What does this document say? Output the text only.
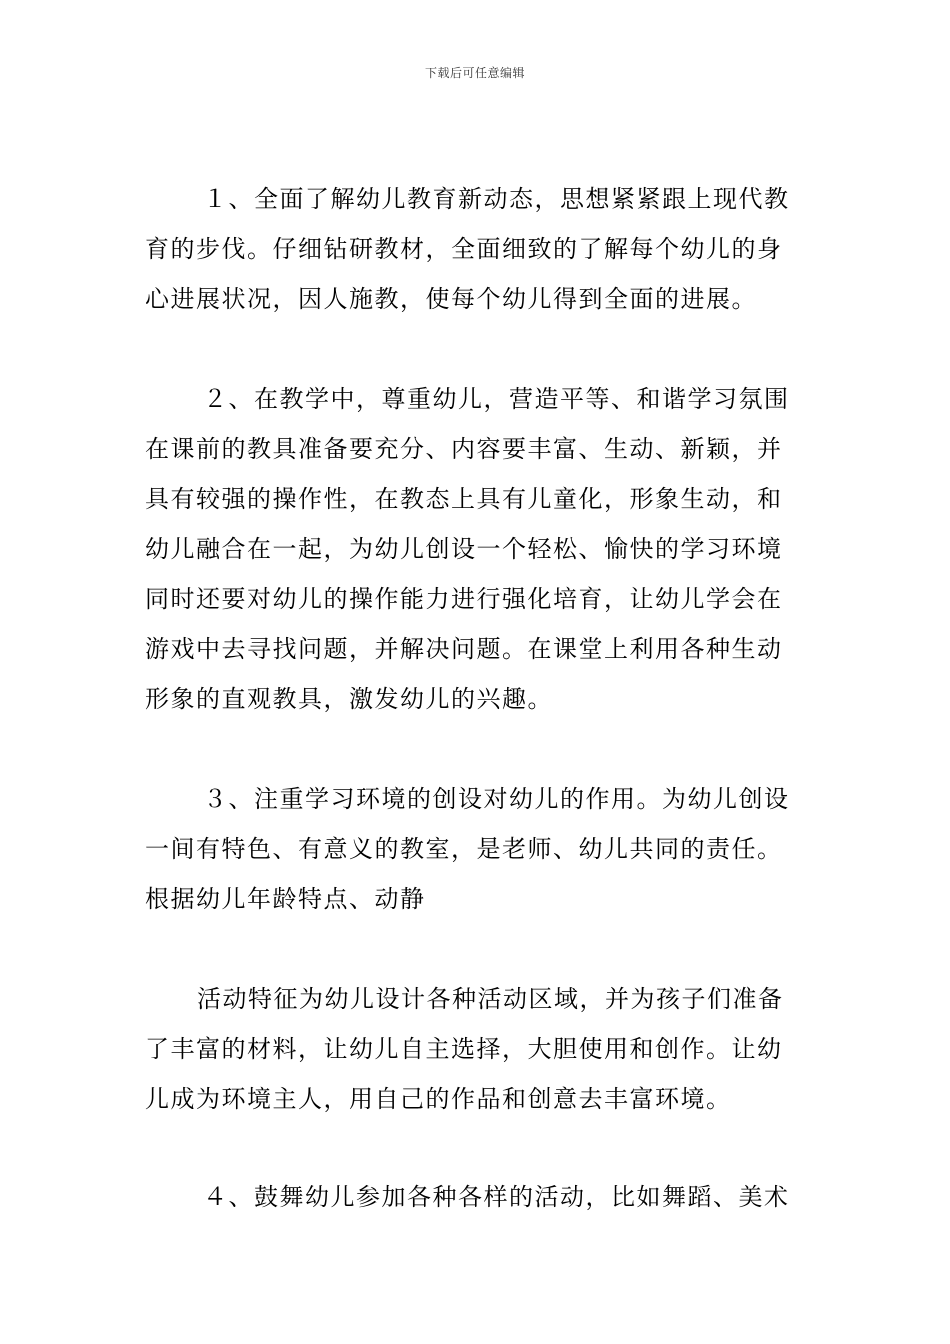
下载后可任意编辑
１、全面了解幼儿教育新动态，思想紧紧跟上现代教
育的步伐。仔细钻研教材，全面细致的了解每个幼儿的身
心进展状况，因人施教，使每个幼儿得到全面的进展。
２、在教学中，尊重幼儿，营造平等、和谐学习氛围
在课前的教具准备要充分、内容要丰富、生动、新颖，并
具有较强的操作性，在教态上具有儿童化，形象生动，和
幼儿融合在一起，为幼儿创设一个轻松、愉快的学习环境
同时还要对幼儿的操作能力进行强化培育，让幼儿学会在
游戏中去寻找问题，并解决问题。在课堂上利用各种生动
形象的直观教具，激发幼儿的兴趣。
３、注重学习环境的创设对幼儿的作用。为幼儿创设
一间有特色、有意义的教室，是老师、幼儿共同的责任。
根据幼儿年龄特点、动静
活动特征为幼儿设计各种活动区域，并为孩子们准备
了丰富的材料，让幼儿自主选择，大胆使用和创作。让幼
儿成为环境主人，用自己的作品和创意去丰富环境。
４、鼓舞幼儿参加各种各样的活动，比如舞蹈、美术
